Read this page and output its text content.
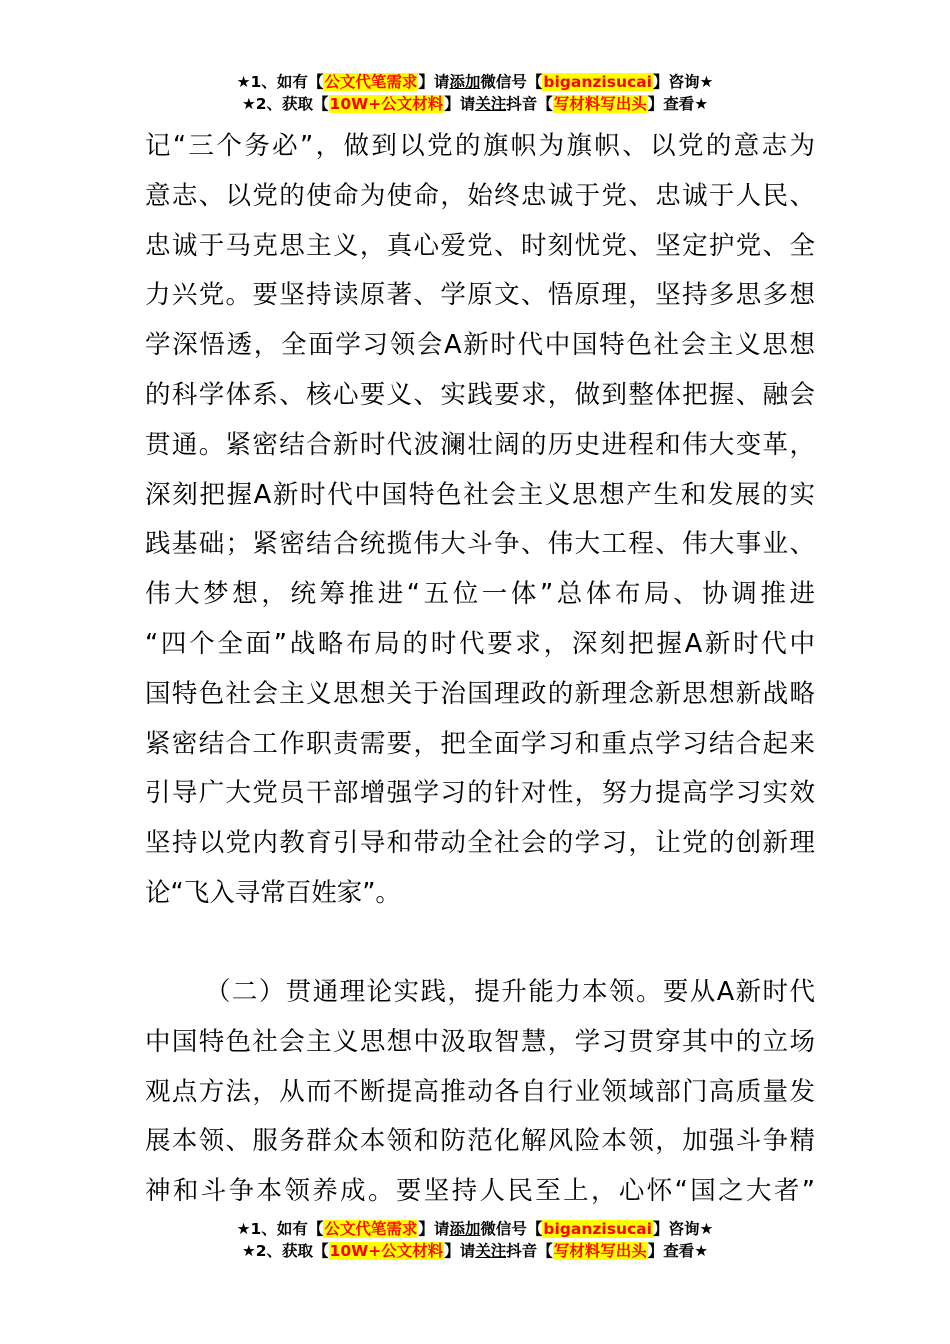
★1、如有【公文代笔需求】请添加微信号【biganzisucai】咨询★
★2、获取【10W+公文材料】请关注抖音【写材料写出头】查看★
记“三个务必”，做到以党的旗帜为旗帜、以党的意志为
意志、以党的使命为使命，始终忠诚于党、忠诚于人民、
忠诚于马克思主义，真心爱党、时刻忧党、坚定护党、全
力兴党。要坚持读原著、学原文、悟原理，坚持多思多想
学深悟透，全面学习领会A新时代中国特色社会主义思想
的科学体系、核心要义、实践要求，做到整体把握、融会
贯通。紧密结合新时代波澜壮阔的历史进程和伟大变革，
深刻把握A新时代中国特色社会主义思想产生和发展的实
践基础；紧密结合统揽伟大斗争、伟大工程、伟大事业、
伟大梦想，统筹推进“五位一体”总体布局、协调推进
“四个全面”战略布局的时代要求，深刻把握A新时代中
国特色社会主义思想关于治国理政的新理念新思想新战略
紧密结合工作职责需要，把全面学习和重点学习结合起来
引导广大党员干部增强学习的针对性，努力提高学习实效
坚持以党内教育引导和带动全社会的学习，让党的创新理
论“飞入寻常百姓家”。
（二）贯通理论实践，提升能力本领。要从A新时代
中国特色社会主义思想中汲取智慧，学习贯穿其中的立场
观点方法，从而不断提高推动各自行业领域部门高质量发
展本领、服务群众本领和防范化解风险本领，加强斗争精
神和斗争本领养成。要坚持人民至上，心怀“国之大者”
★1、如有【公文代笔需求】请添加微信号【biganzisucai】咨询★
★2、获取【10W+公文材料】请关注抖音【写材料写出头】查看★
